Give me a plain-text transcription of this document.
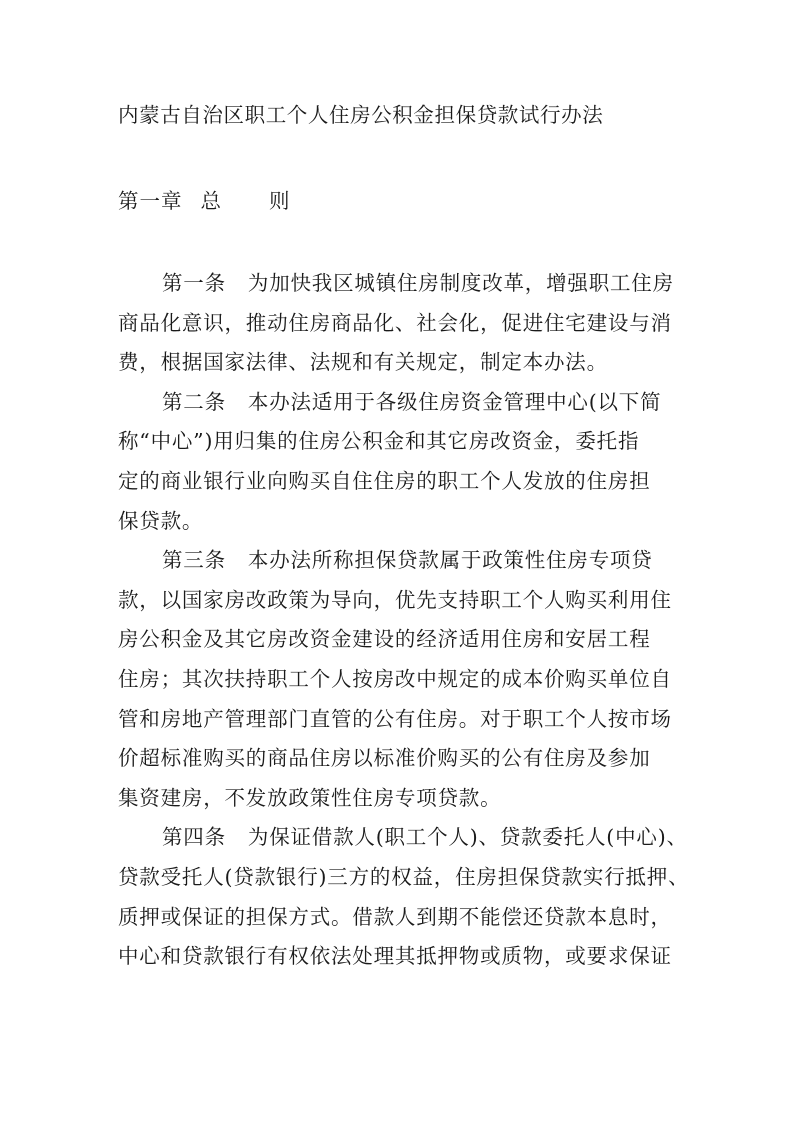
内蒙古自治区职工个人住房公积金担保贷款试行办法
第一章 总 则
第一条 为加快我区城镇住房制度改革，增强职工住房
商品化意识，推动住房商品化、社会化，促进住宅建设与消
费，根据国家法律、法规和有关规定，制定本办法。
第二条 本办法适用于各级住房资金管理中心(以下简
称“中心”)用归集的住房公积金和其它房改资金，委托指
定的商业银行业向购买自住住房的职工个人发放的住房担
保贷款。
第三条 本办法所称担保贷款属于政策性住房专项贷
款，以国家房改政策为导向，优先支持职工个人购买利用住
房公积金及其它房改资金建设的经济适用住房和安居工程
住房；其次扶持职工个人按房改中规定的成本价购买单位自
管和房地产管理部门直管的公有住房。对于职工个人按市场
价超标准购买的商品住房以标准价购买的公有住房及参加
集资建房，不发放政策性住房专项贷款。
第四条 为保证借款人(职工个人)、贷款委托人(中心)、
贷款受托人(贷款银行)三方的权益，住房担保贷款实行抵押、
质押或保证的担保方式。借款人到期不能偿还贷款本息时，
中心和贷款银行有权依法处理其抵押物或质物，或要求保证
